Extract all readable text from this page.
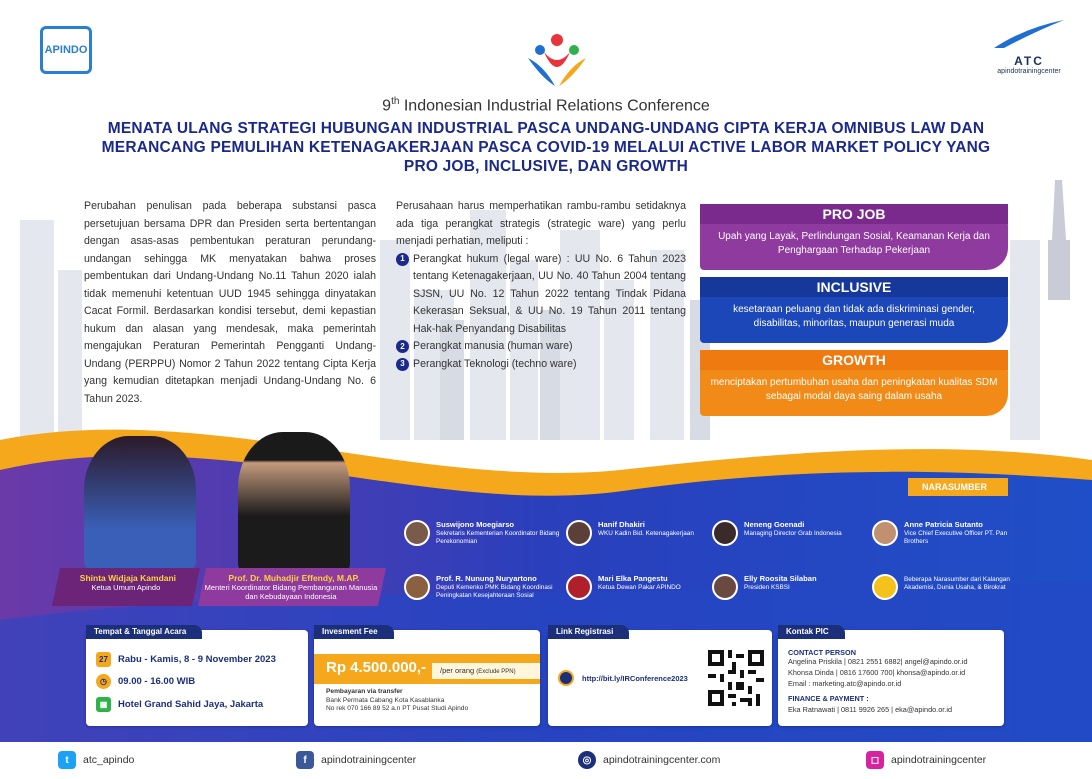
APINDO
ATC
apindotrainingcenter
9th Indonesian Industrial Relations Conference
MENATA ULANG STRATEGI HUBUNGAN INDUSTRIAL PASCA UNDANG-UNDANG CIPTA KERJA OMNIBUS LAW DAN
MERANCANG PEMULIHAN KETENAGAKERJAAN PASCA COVID-19 MELALUI ACTIVE LABOR MARKET POLICY YANG
PRO JOB, INCLUSIVE, DAN GROWTH
Perubahan penulisan pada beberapa substansi pasca persetujuan bersama DPR dan Presiden serta bertentangan dengan asas-asas pembentukan peraturan perundang-undangan sehingga MK menyatakan bahwa proses pembentukan dari Undang-Undang No.11 Tahun 2020 ialah tidak memenuhi ketentuan UUD 1945 sehingga dinyatakan Cacat Formil. Berdasarkan kondisi tersebut, demi kepastian hukum dan alasan yang mendesak, maka pemerintah mengajukan Peraturan Pemerintah Pengganti Undang-Undang (PERPPU) Nomor 2 Tahun 2022 tentang Cipta Kerja yang kemudian ditetapkan menjadi Undang-Undang No. 6 Tahun 2023.
Perusahaan harus memperhatikan rambu-rambu setidaknya ada tiga perangkat strategis (strategic ware) yang perlu menjadi perhatian, meliputi :
1 Perangkat hukum (legal ware) : UU No. 6 Tahun 2023 tentang Ketenagakerjaan, UU No. 40 Tahun 2004 tentang SJSN, UU No. 12 Tahun 2022 tentang Tindak Pidana Kekerasan Seksual, & UU No. 19 Tahun 2011 tentang Hak-hak Penyandang Disabilitas
2 Perangkat manusia (human ware)
3 Perangkat Teknologi (techno ware)
PRO JOB
Upah yang Layak, Perlindungan Sosial, Keamanan Kerja dan Penghargaan Terhadap Pekerjaan
INCLUSIVE
kesetaraan peluang dan tidak ada diskriminasi gender, disabilitas, minoritas, maupun generasi muda
GROWTH
menciptakan pertumbuhan usaha dan peningkatan kualitas SDM sebagai modal daya saing dalam usaha
Shinta Widjaja Kamdani
Ketua Umum Apindo
Prof. Dr. Muhadjir Effendy, M.AP.
Menteri Koordinator Bidang Pembangunan Manusia dan Kebudayaan Indonesia
NARASUMBER
Suswijono Moegiarso
Sekretaris Kementerian Koordinator Bidang Perekonomian
Hanif Dhakiri
WKU Kadin Bid. Ketenagakerjaan
Neneng Goenadi
Managing Director Grab Indonesia
Anne Patricia Sutanto
Vice Chief Executive Officer PT. Pan Brothers
Prof. R. Nunung Nuryartono
Deputi Kemenko PMK Bidang Koordinasi Peningkatan Kesejahteraan Sosial
Mari Elka Pangestu
Ketua Dewan Pakar APINDO
Elly Roosita Silaban
Presiden KSBSI
Beberapa Narasumber dari Kalangan Akademisi, Dunia Usaha, & Birokrat
Tempat & Tanggal Acara
27	Rabu - Kamis, 8 - 9 November 2023
◷	09.00 - 16.00 WIB
▦	Hotel Grand Sahid Jaya, Jakarta
Invesment Fee
Rp 4.500.000,-	/per orang (Exclude PPN)
Pembayaran via transfer
Bank Permata Cabang Kota Kasablanka
No rek 070 166 89 52 a.n PT Pusat Studi Apindo
Link Registrasi
http://bit.ly/IRConference2023
Kontak PIC
CONTACT PERSON
Angelina Priskila | 0821 2551 6882| angel@apindo.or.id
Khonsa Dinda | 0816 17600 700| khonsa@apindo.or.id
Email : marketing.atc@apindo.or.id
FINANCE & PAYMENT :
Eka Ratnawati | 0811 9926 265 | eka@apindo.or.id
t	atc_apindo	f	apindotrainingcenter	◎	apindotrainingcenter.com	◻	apindotrainingcenter
